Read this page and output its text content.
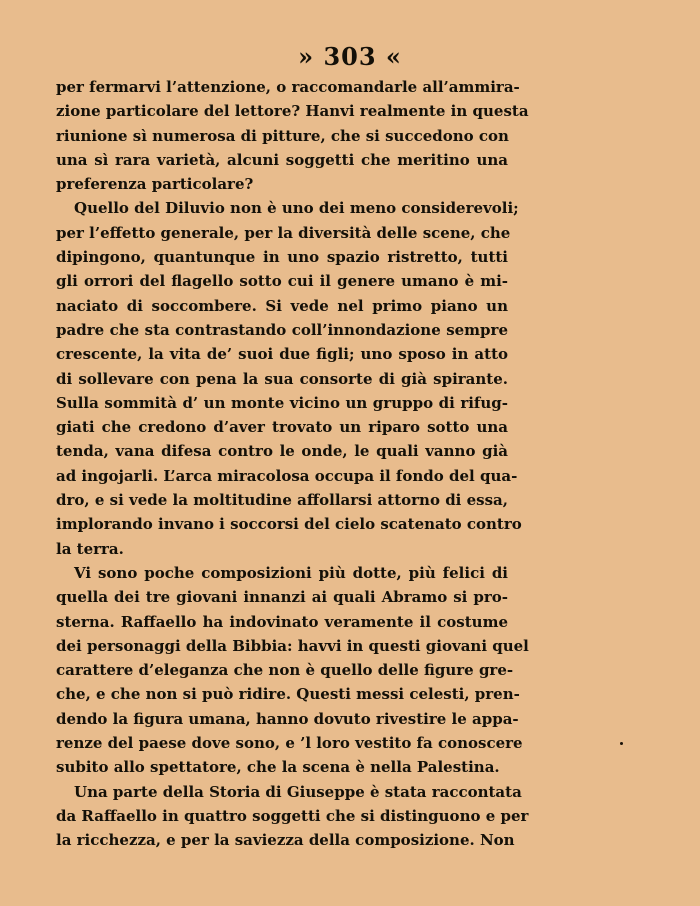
» 303 «
per fermarvi l’attenzione, o raccomandarle all’ammira-
zione particolare del lettore? Hanvi realmente in questa
riunione sì numerosa di pitture, che si succedono con
una sì rara varietà, alcuni soggetti che meritino una
preferenza particolare?
Quello del Diluvio non è uno dei meno considerevoli;
per l’effetto generale, per la diversità delle scene, che
dipingono, quantunque in uno spazio ristretto, tutti
gli orrori del flagello sotto cui il genere umano è mi-
naciato di soccombere. Si vede nel primo piano un
padre che sta contrastando coll’innondazione sempre
crescente, la vita de’ suoi due figli; uno sposo in atto
di sollevare con pena la sua consorte di già spirante.
Sulla sommità d’ un monte vicino un gruppo di rifug-
giati che credono d’aver trovato un riparo sotto una
tenda, vana difesa contro le onde, le quali vanno già
ad ingojarli. L’arca miracolosa occupa il fondo del qua-
dro, e si vede la moltitudine affollarsi attorno di essa,
implorando invano i soccorsi del cielo scatenato contro
la terra.
Vi sono poche composizioni più dotte, più felici di
quella dei tre giovani innanzi ai quali Abramo si pro-
sterna. Raffaello ha indovinato veramente il costume
dei personaggi della Bibbia: havvi in questi giovani quel
carattere d’eleganza che non è quello delle figure gre-
che, e che non si può ridire. Questi messi celesti, pren-
dendo la figura umana, hanno dovuto rivestire le appa-
renze del paese dove sono, e ’l loro vestito fa conoscere
subito allo spettatore, che la scena è nella Palestina.
Una parte della Storia di Giuseppe è stata raccontata
da Raffaello in quattro soggetti che si distinguono e per
la ricchezza, e per la saviezza della composizione. Non
